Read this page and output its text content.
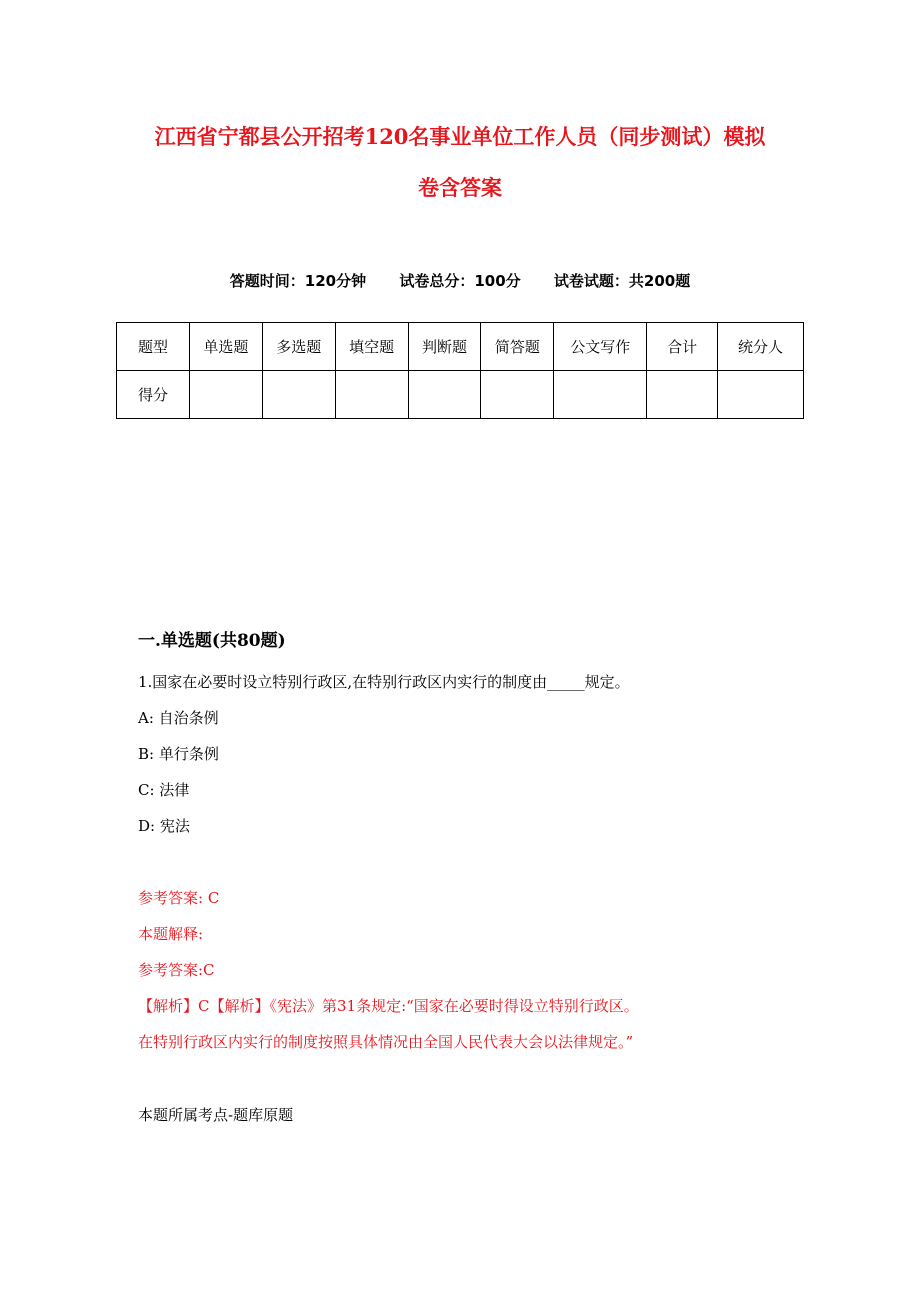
江西省宁都县公开招考120名事业单位工作人员（同步测试）模拟
卷含答案
答题时间：120分钟 试卷总分：100分 试卷试题：共200题
题型	单选题	多选题	填空题	判断题	简答题	公文写作	合计	统分人
得分								
一.单选题(共80题)
1.国家在必要时设立特别行政区,在特别行政区内实行的制度由_____规定。
A: 自治条例
B: 单行条例
C: 法律
D: 宪法
参考答案: C
本题解释:
参考答案:C
【解析】C【解析】《宪法》第31条规定:“国家在必要时得设立特别行政区。
在特别行政区内实行的制度按照具体情况由全国人民代表大会以法律规定。”
本题所属考点-题库原题
